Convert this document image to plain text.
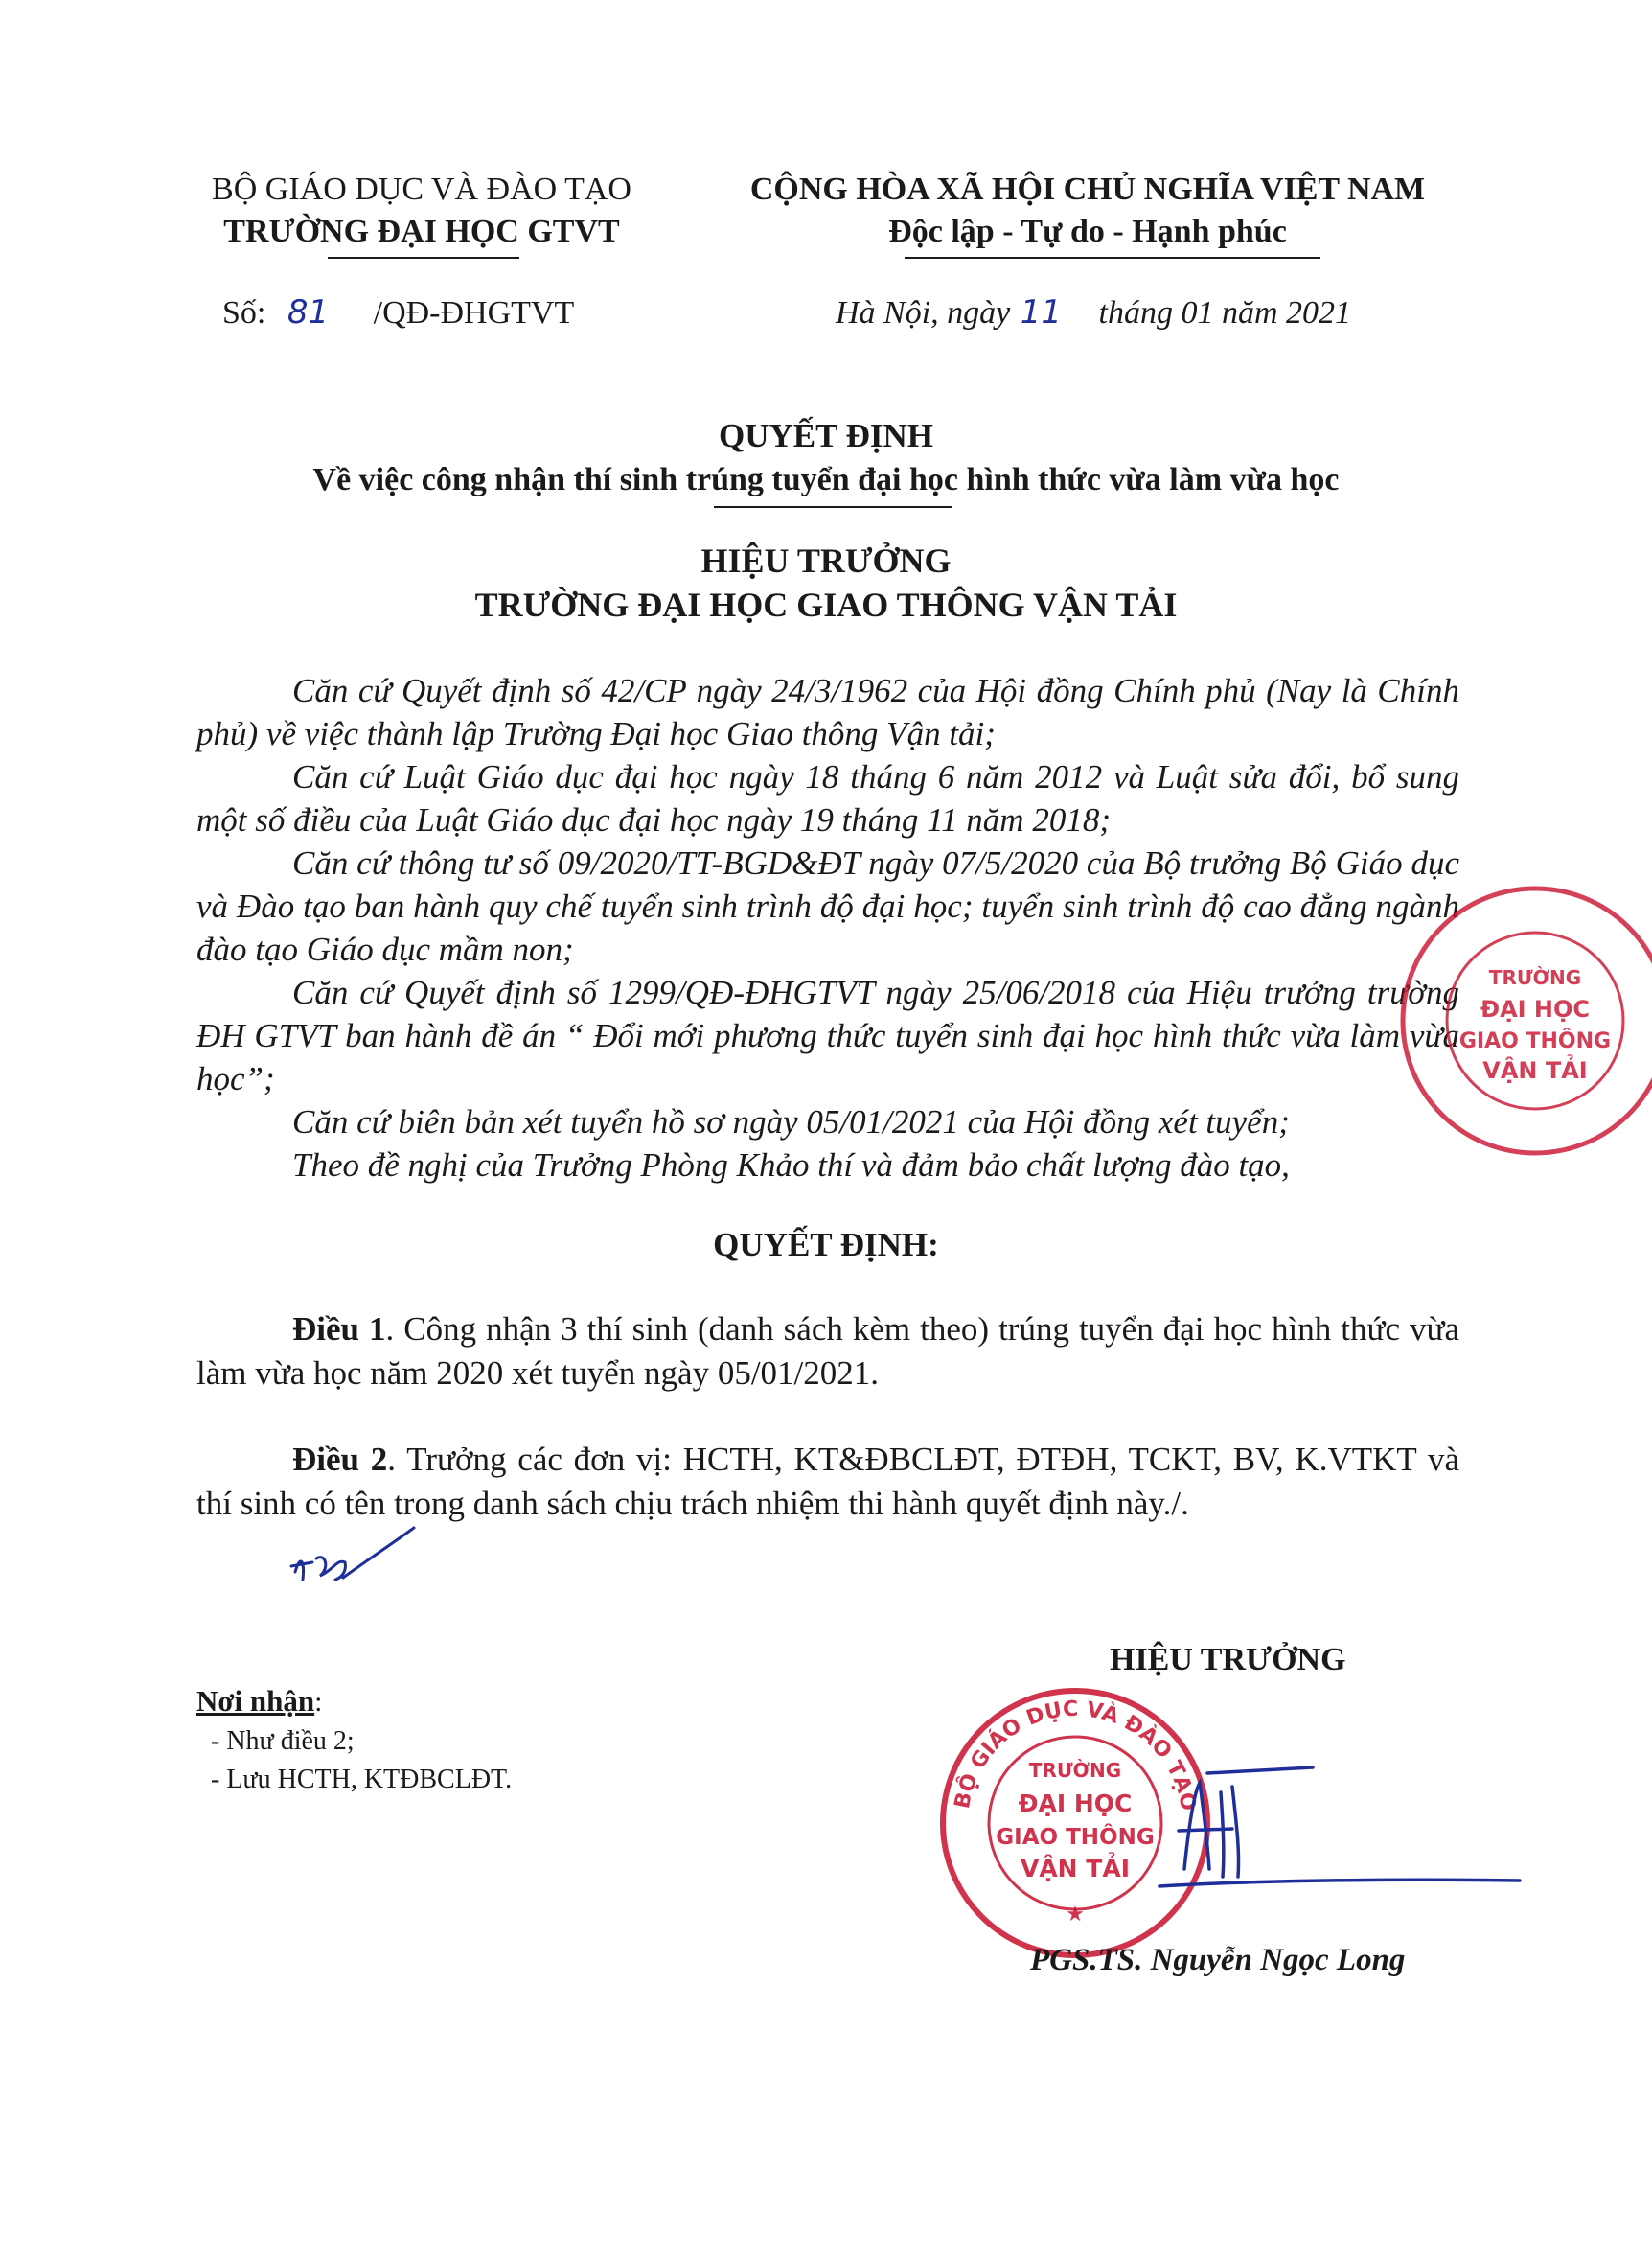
BỘ GIÁO DỤC VÀ ĐÀO TẠO
TRƯỜNG ĐẠI HỌC GTVT
CỘNG HÒA XÃ HỘI CHỦ NGHĨA VIỆT NAM
Độc lập - Tự do - Hạnh phúc
Số: 81 /QĐ-ĐHGTVT	Hà Nội, ngày 11 tháng 01 năm 2021
QUYẾT ĐỊNH
Về việc công nhận thí sinh trúng tuyển đại học hình thức vừa làm vừa học
HIỆU TRƯỞNG
TRƯỜNG ĐẠI HỌC GIAO THÔNG VẬN TẢI

Căn cứ Quyết định số 42/CP ngày 24/3/1962 của Hội đồng Chính phủ (Nay là Chính phủ) về việc thành lập Trường Đại học Giao thông Vận tải;

Căn cứ Luật Giáo dục đại học ngày 18 tháng 6 năm 2012 và Luật sửa đổi, bổ sung một số điều của Luật Giáo dục đại học ngày 19 tháng 11 năm 2018;

Căn cứ thông tư số 09/2020/TT-BGD&ĐT ngày 07/5/2020 của Bộ trưởng Bộ Giáo dục và Đào tạo ban hành quy chế tuyển sinh trình độ đại học; tuyển sinh trình độ cao đẳng ngành đào tạo Giáo dục mầm non;

Căn cứ Quyết định số 1299/QĐ-ĐHGTVT ngày 25/06/2018 của Hiệu trưởng trường ĐH GTVT ban hành đề án “ Đổi mới phương thức tuyển sinh đại học hình thức vừa làm vừa học”;

Căn cứ biên bản xét tuyển hồ sơ ngày 05/01/2021 của Hội đồng xét tuyển;

Theo đề nghị của Trưởng Phòng Khảo thí và đảm bảo chất lượng đào tạo,

QUYẾT ĐỊNH:

Điều 1. Công nhận 3 thí sinh (danh sách kèm theo) trúng tuyển đại học hình thức vừa làm vừa học năm 2020 xét tuyển ngày 05/01/2021.

Điều 2. Trưởng các đơn vị: HCTH, KT&ĐBCLĐT, ĐTĐH, TCKT, BV, K.VTKT và thí sinh có tên trong danh sách chịu trách nhiệm thi hành quyết định này./.

HIỆU TRƯỞNG
Nơi nhận:
- Như điều 2;
- Lưu HCTH, KTĐBCLĐT.
BỘ GIÁO DỤC VÀ ĐÀO TẠO
TRƯỜNG
ĐẠI HỌC
GIAO THÔNG
VẬN TẢI
★
PGS.TS. Nguyễn Ngọc Long
TRƯỜNG
ĐẠI HỌC
GIAO THÔNG
VẬN TẢI
